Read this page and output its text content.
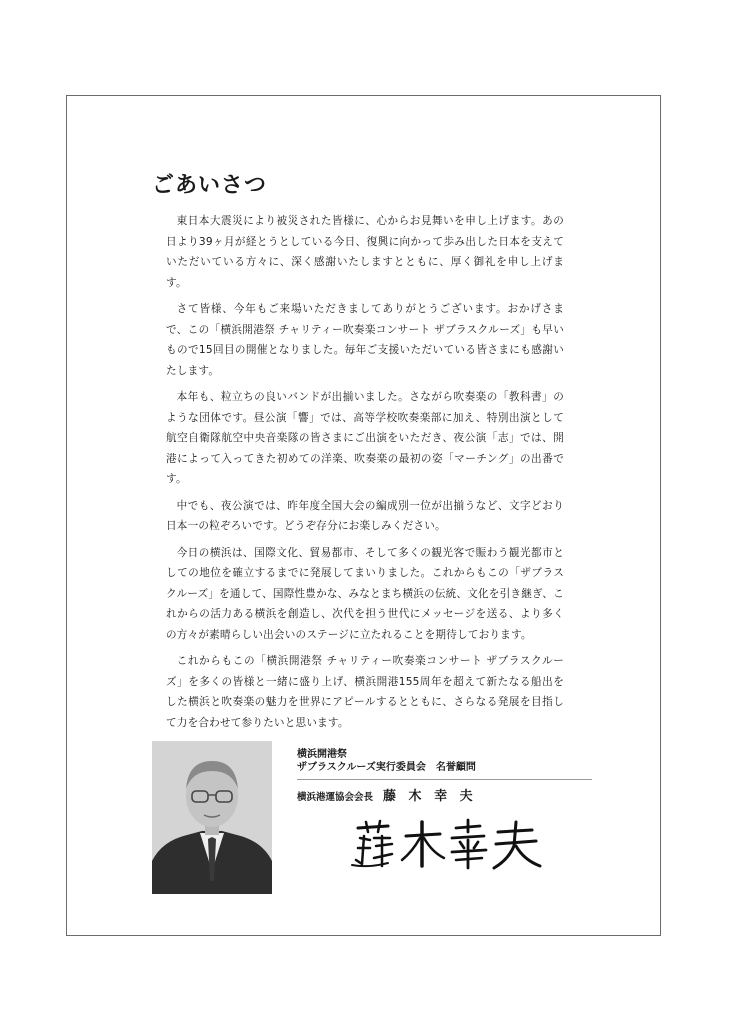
ごあいさつ

東日本大震災により被災された皆様に、心からお見舞いを申し上げます。あの日より39ヶ月が経とうとしている今日、復興に向かって歩み出した日本を支えていただいている方々に、深く感謝いたしますとともに、厚く御礼を申し上げます。

さて皆様、今年もご来場いただきましてありがとうございます。おかげさまで、この「横浜開港祭 チャリティー吹奏楽コンサート ザブラスクルーズ」も早いもので15回目の開催となりました。毎年ご支援いただいている皆さまにも感謝いたします。

本年も、粒立ちの良いバンドが出揃いました。さながら吹奏楽の「教科書」のような団体です。昼公演「響」では、高等学校吹奏楽部に加え、特別出演として航空自衛隊航空中央音楽隊の皆さまにご出演をいただき、夜公演「志」では、開港によって入ってきた初めての洋楽、吹奏楽の最初の姿「マーチング」の出番です。

中でも、夜公演では、昨年度全国大会の編成別一位が出揃うなど、文字どおり日本一の粒ぞろいです。どうぞ存分にお楽しみください。

今日の横浜は、国際文化、貿易都市、そして多くの観光客で賑わう観光都市としての地位を確立するまでに発展してまいりました。これからもこの「ザブラスクルーズ」を通して、国際性豊かな、みなとまち横浜の伝統、文化を引き継ぎ、これからの活力ある横浜を創造し、次代を担う世代にメッセージを送る、より多くの方々が素晴らしい出会いのステージに立たれることを期待しております。

これからもこの「横浜開港祭 チャリティー吹奏楽コンサート ザブラスクルーズ」を多くの皆様と一緒に盛り上げ、横浜開港155周年を超えて新たなる船出をした横浜と吹奏楽の魅力を世界にアピールするとともに、さらなる発展を目指して力を合わせて参りたいと思います。

横浜開港祭

ザブラスクルーズ実行委員会　名誉顧問

横浜港運協会会長 藤 木 幸 夫
